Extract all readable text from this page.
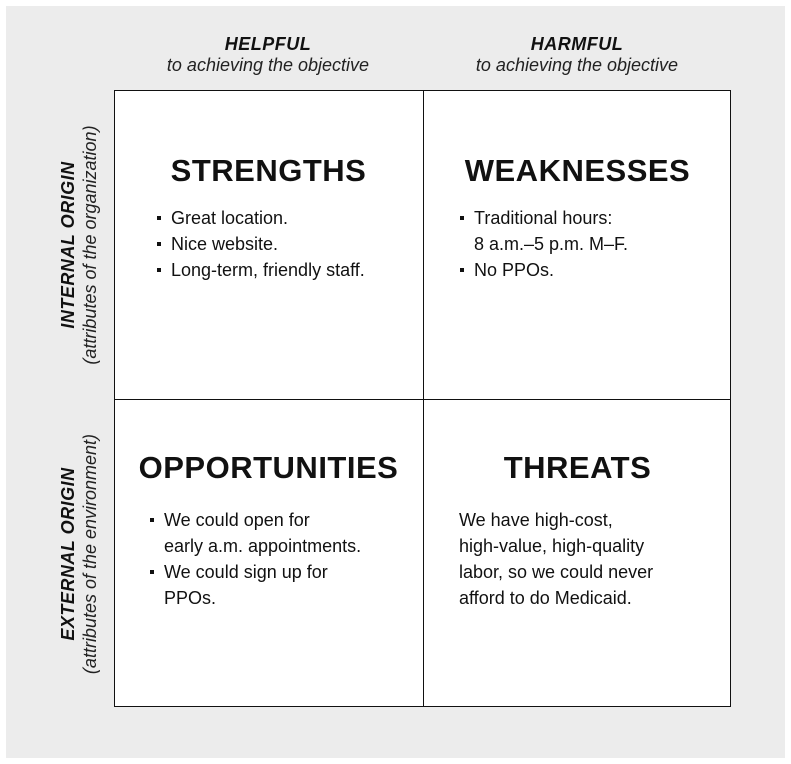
HELPFUL
to achieving the objective
HARMFUL
to achieving the objective
INTERNAL ORIGIN (attributes of the organization)
EXTERNAL ORIGIN (attributes of the environment)
STRENGTHS
Great location.
Nice website.
Long-term, friendly staff.
WEAKNESSES
Traditional hours:
8 a.m.–5 p.m. M–F.
No PPOs.
OPPORTUNITIES
We could open for
early a.m. appointments.
We could sign up for
PPOs.
THREATS
We have high-cost,
high-value, high-quality
labor, so we could never
afford to do Medicaid.
